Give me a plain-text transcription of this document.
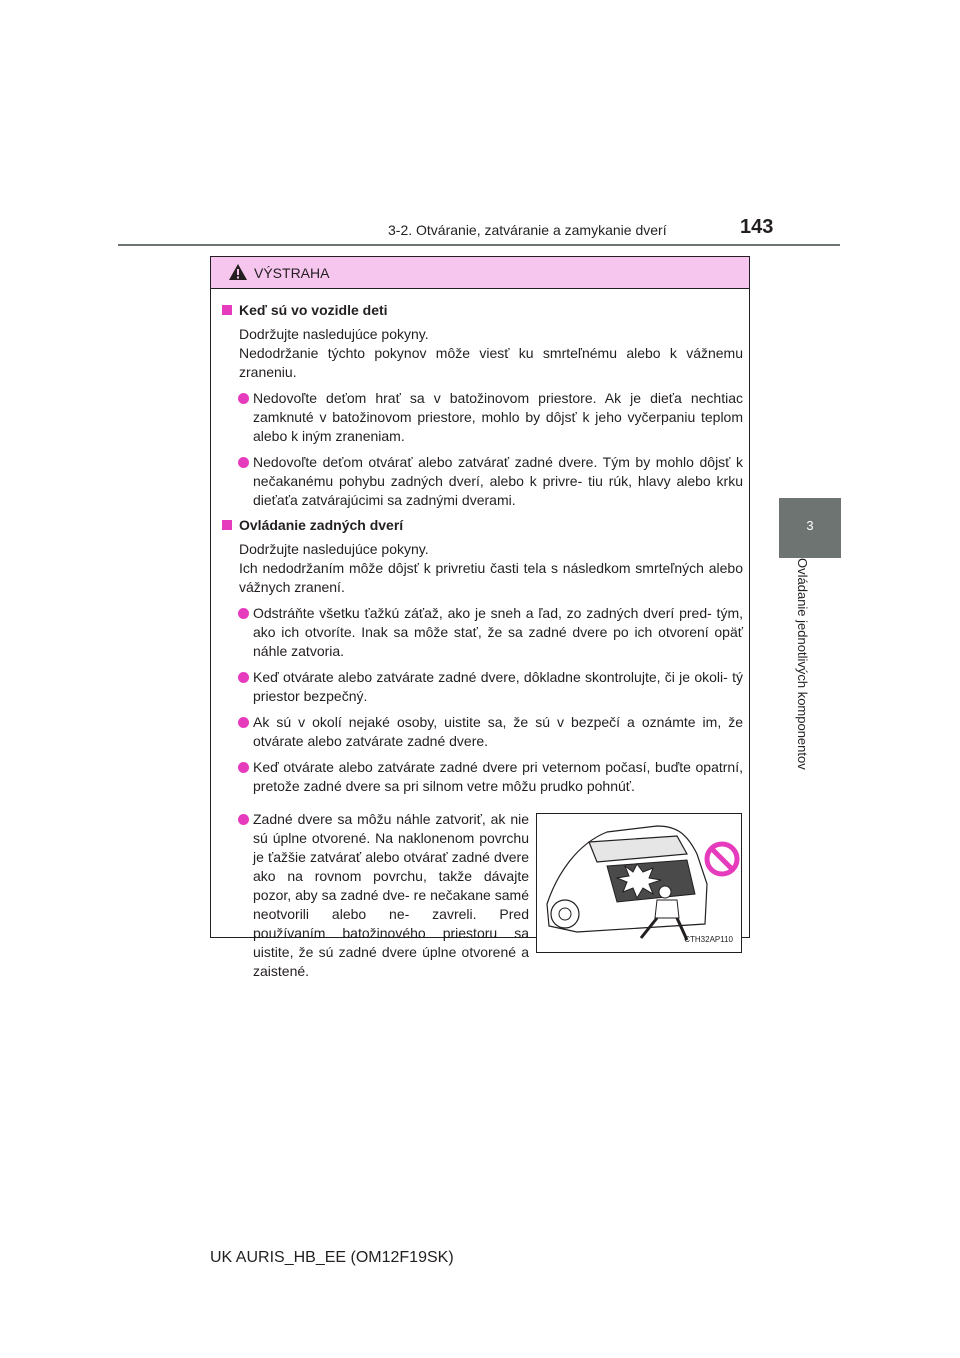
3-2. Otváranie, zatváranie a zamykanie dverí	143
3
Ovládanie jednotlivých komponentov
VÝSTRAHA
Keď sú vo vozidle deti
Dodržujte nasledujúce pokyny.
Nedodržanie týchto pokynov môže viesť ku smrteľnému alebo k vážnemu zraneniu.
Nedovoľte deťom hrať sa v batožinovom priestore. Ak je dieťa nechtiac zamknuté v batožinovom priestore, mohlo by dôjsť k jeho vyčerpaniu teplom alebo k iným zraneniam.
Nedovoľte deťom otvárať alebo zatvárať zadné dvere. Tým by mohlo dôjsť k nečakanému pohybu zadných dverí, alebo k privre- tiu rúk, hlavy alebo krku dieťaťa zatvárajúcimi sa zadnými dverami.
Ovládanie zadných dverí
Dodržujte nasledujúce pokyny.
Ich nedodržaním môže dôjsť k privretiu časti tela s následkom smrteľných alebo vážnych zranení.
Odstráňte všetku ťažkú záťaž, ako je sneh a ľad, zo zadných dverí pred- tým, ako ich otvoríte. Inak sa môže stať, že sa zadné dvere po ich otvorení opäť náhle zatvoria.
Keď otvárate alebo zatvárate zadné dvere, dôkladne skontrolujte, či je okoli- tý priestor bezpečný.
Ak sú v okolí nejaké osoby, uistite sa, že sú v bezpečí a oznámte im, že otvárate alebo zatvárate zadné dvere.
Keď otvárate alebo zatvárate zadné dvere pri veternom počasí, buďte opatrní, pretože zadné dvere sa pri silnom vetre môžu prudko pohnúť.
Zadné dvere sa môžu náhle zatvoriť, ak nie sú úplne otvorené. Na naklonenom povrchu je ťažšie zatvárať alebo otvárať zadné dvere ako na rovnom povrchu, takže dávajte pozor, aby sa zadné dve- re nečakane samé neotvorili alebo ne- zavreli. Pred používaním batožinového priestoru sa uistite, že sú zadné dvere úplne otvorené a zaistené.
CTH32AP110
UK AURIS_HB_EE (OM12F19SK)
